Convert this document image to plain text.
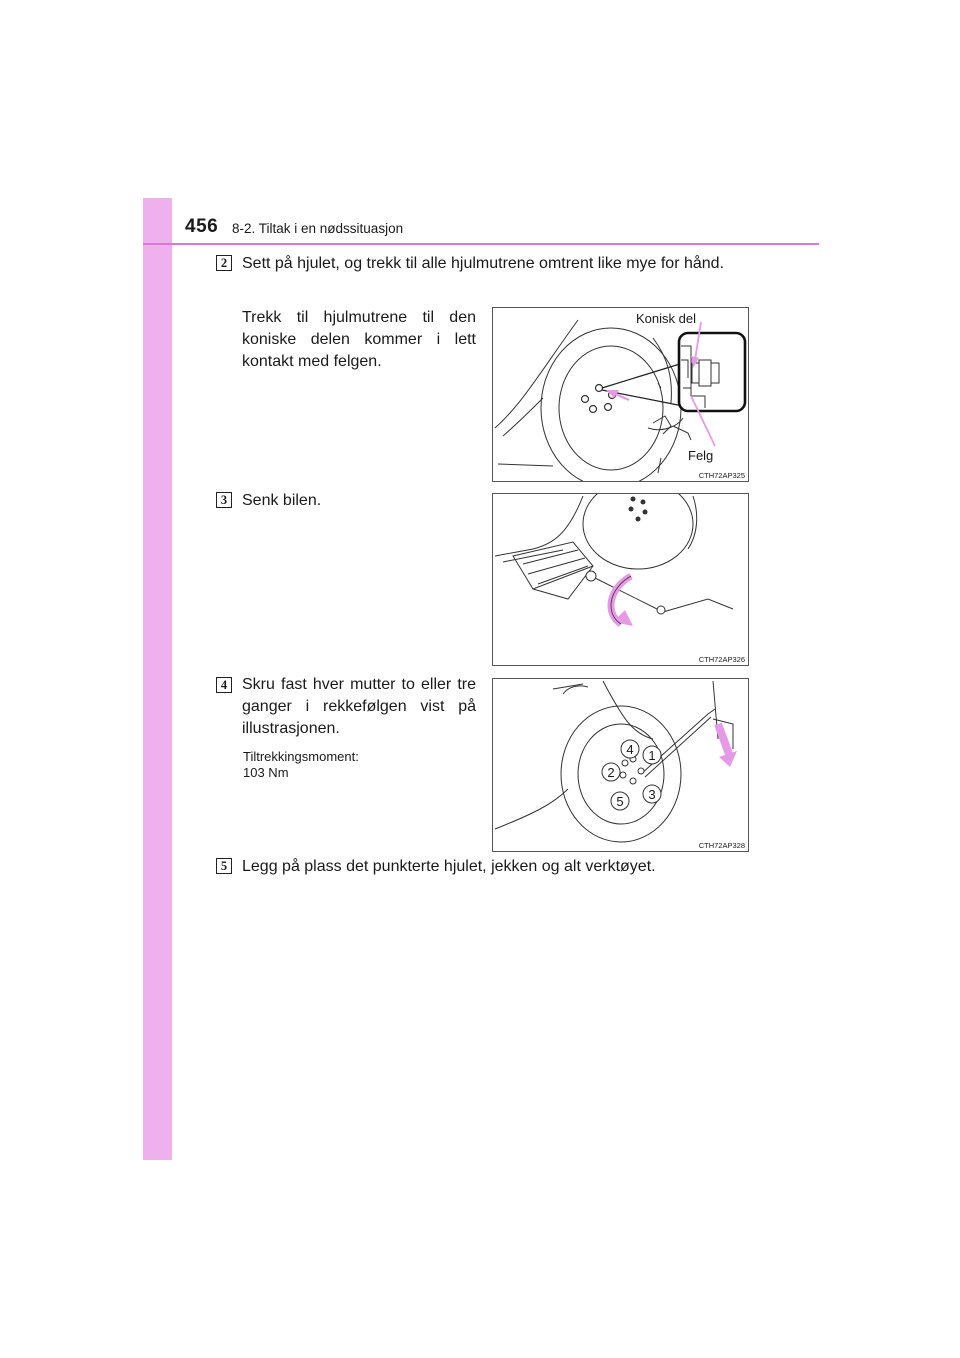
456 8-2. Tiltak i en nødssituasjon
2 Sett på hjulet, og trekk til alle hjulmutrene omtrent like mye for hånd.
Trekk til hjulmutrene til den koniske delen kommer i lett kontakt med felgen.
Konisk del
Felg
CTH72AP325
3 Senk bilen.
CTH72AP326
4 Skru fast hver mutter to eller tre ganger i rekkefølgen vist på illustrasjonen.
Tiltrekkingsmoment:
103 Nm
1
2
3
4
5
CTH72AP328
5 Legg på plass det punkterte hjulet, jekken og alt verktøyet.
